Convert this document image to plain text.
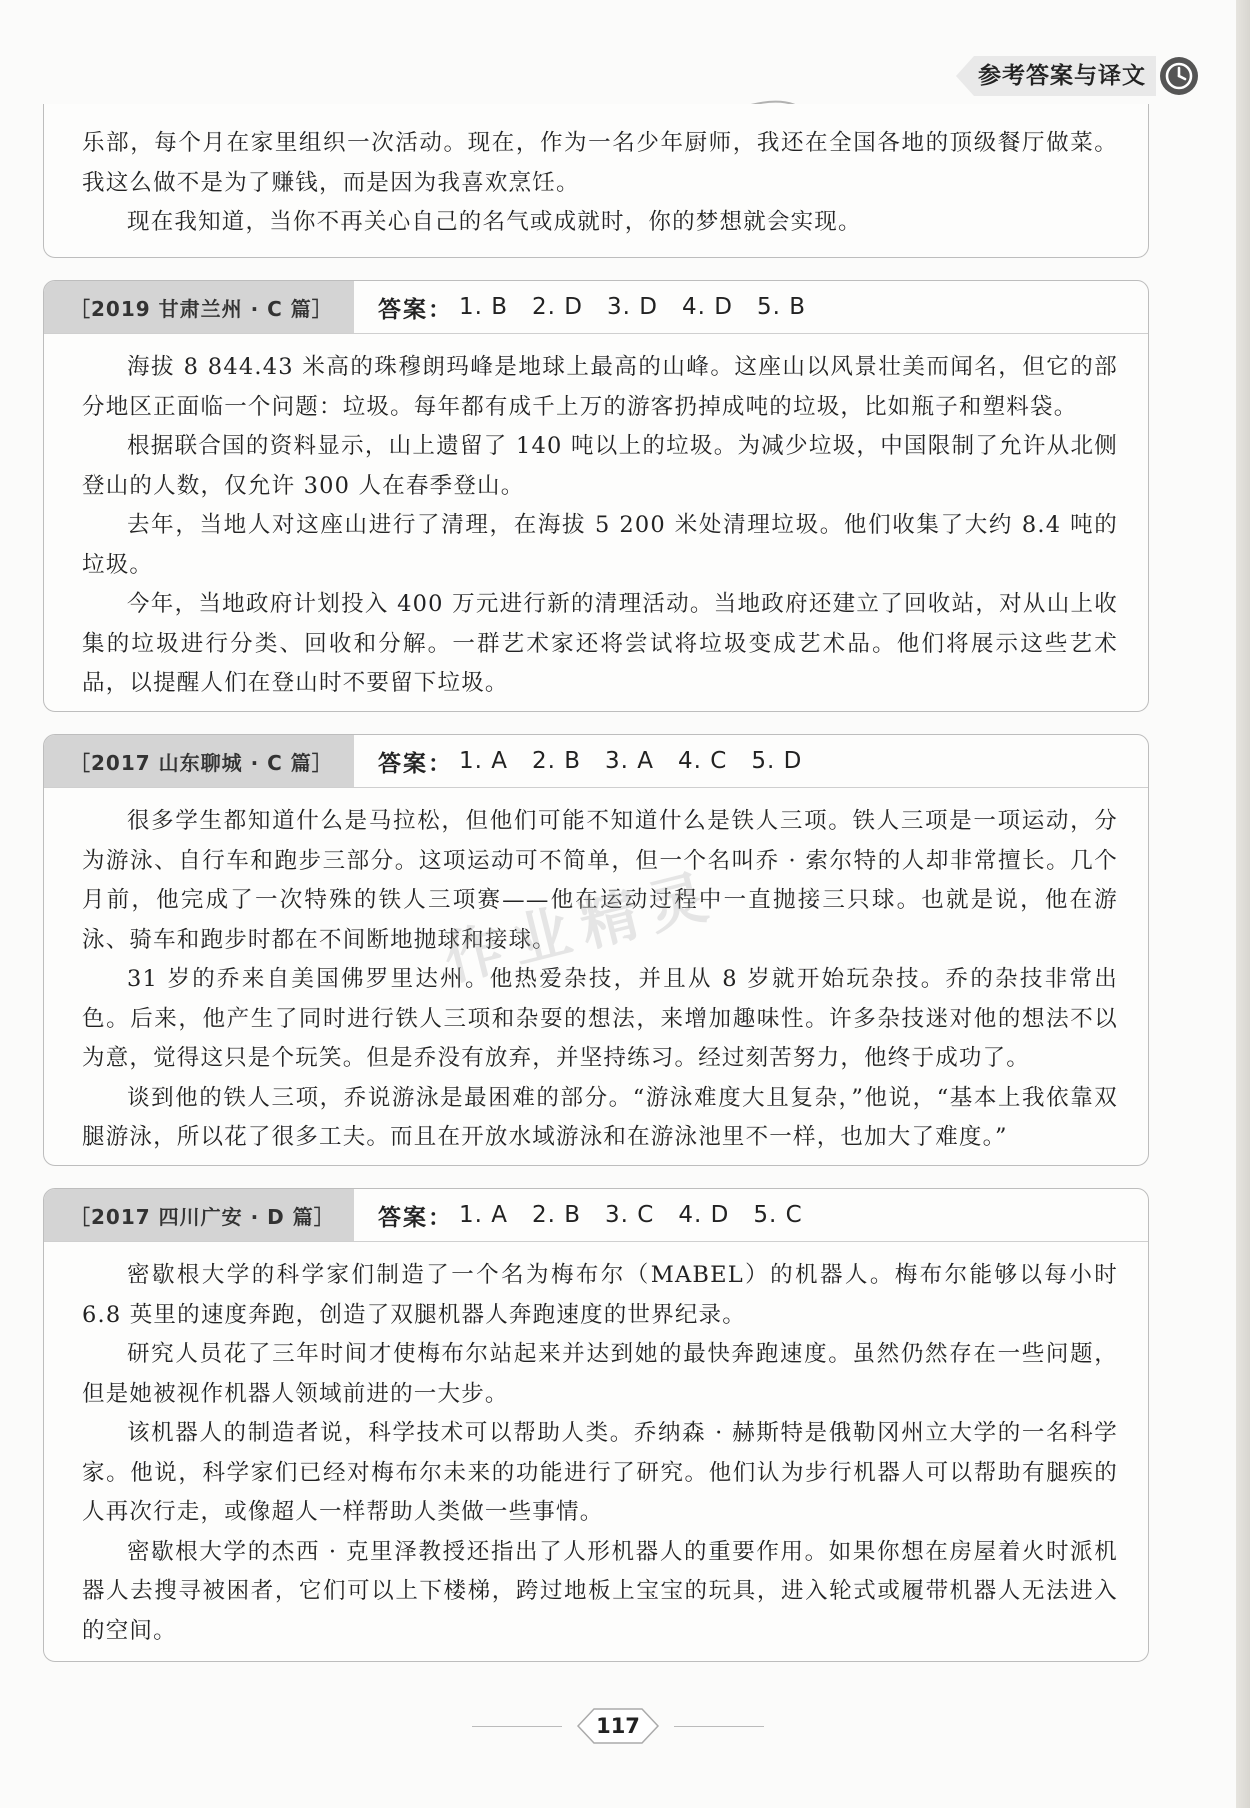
参考答案与译文

乐部，每个月在家里组织一次活动。现在，作为一名少年厨师，我还在全国各地的顶级餐厅做菜。我这么做不是为了赚钱，而是因为我喜欢烹饪。

现在我知道，当你不再关心自己的名气或成就时，你的梦想就会实现。

［2019 甘肃兰州 · C 篇］	答案： 1. B 2. D 3. D 4. D 5. B

海拔 8 844.43 米高的珠穆朗玛峰是地球上最高的山峰。这座山以风景壮美而闻名，但它的部分地区正面临一个问题：垃圾。每年都有成千上万的游客扔掉成吨的垃圾，比如瓶子和塑料袋。

根据联合国的资料显示，山上遗留了 140 吨以上的垃圾。为减少垃圾，中国限制了允许从北侧登山的人数，仅允许 300 人在春季登山。

去年，当地人对这座山进行了清理，在海拔 5 200 米处清理垃圾。他们收集了大约 8.4 吨的垃圾。

今年，当地政府计划投入 400 万元进行新的清理活动。当地政府还建立了回收站，对从山上收集的垃圾进行分类、回收和分解。一群艺术家还将尝试将垃圾变成艺术品。他们将展示这些艺术品，以提醒人们在登山时不要留下垃圾。

［2017 山东聊城 · C 篇］	答案： 1. A 2. B 3. A 4. C 5. D

很多学生都知道什么是马拉松，但他们可能不知道什么是铁人三项。铁人三项是一项运动，分为游泳、自行车和跑步三部分。这项运动可不简单，但一个名叫乔 · 索尔特的人却非常擅长。几个月前，他完成了一次特殊的铁人三项赛——他在运动过程中一直抛接三只球。也就是说，他在游泳、骑车和跑步时都在不间断地抛球和接球。

31 岁的乔来自美国佛罗里达州。他热爱杂技，并且从 8 岁就开始玩杂技。乔的杂技非常出色。后来，他产生了同时进行铁人三项和杂耍的想法，来增加趣味性。许多杂技迷对他的想法不以为意，觉得这只是个玩笑。但是乔没有放弃，并坚持练习。经过刻苦努力，他终于成功了。

谈到他的铁人三项，乔说游泳是最困难的部分。“游泳难度大且复杂，”他说，“基本上我依靠双腿游泳，所以花了很多工夫。而且在开放水域游泳和在游泳池里不一样，也加大了难度。”

［2017 四川广安 · D 篇］	答案： 1. A 2. B 3. C 4. D 5. C

密歇根大学的科学家们制造了一个名为梅布尔（MABEL）的机器人。梅布尔能够以每小时 6.8 英里的速度奔跑，创造了双腿机器人奔跑速度的世界纪录。

研究人员花了三年时间才使梅布尔站起来并达到她的最快奔跑速度。虽然仍然存在一些问题，但是她被视作机器人领域前进的一大步。

该机器人的制造者说，科学技术可以帮助人类。乔纳森 · 赫斯特是俄勒冈州立大学的一名科学家。他说，科学家们已经对梅布尔未来的功能进行了研究。他们认为步行机器人可以帮助有腿疾的人再次行走，或像超人一样帮助人类做一些事情。

密歇根大学的杰西 · 克里泽教授还指出了人形机器人的重要作用。如果你想在房屋着火时派机器人去搜寻被困者，它们可以上下楼梯，跨过地板上宝宝的玩具，进入轮式或履带机器人无法进入的空间。

作业精灵
117
